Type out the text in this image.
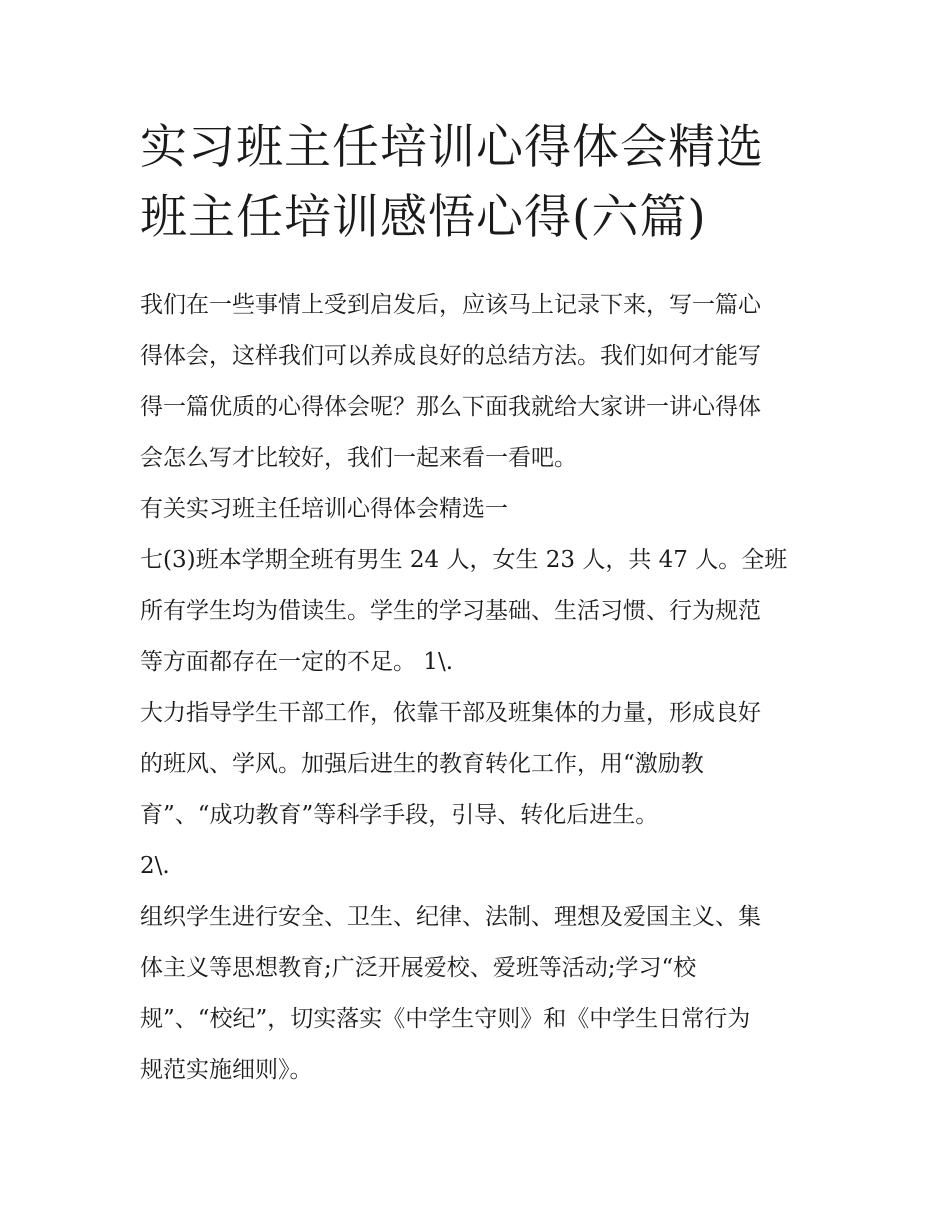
实习班主任培训心得体会精选
班主任培训感悟心得(六篇)

我们在一些事情上受到启发后，应该马上记录下来，写一篇心

得体会，这样我们可以养成良好的总结方法。我们如何才能写

得一篇优质的心得体会呢？那么下面我就给大家讲一讲心得体

会怎么写才比较好，我们一起来看一看吧。

有关实习班主任培训心得体会精选一

七(3)班本学期全班有男生 24 人，女生 23 人，共 47 人。全班

所有学生均为借读生。学生的学习基础、生活习惯、行为规范

等方面都存在一定的不足。 1\.

大力指导学生干部工作，依靠干部及班集体的力量，形成良好

的班风、学风。加强后进生的教育转化工作，用“激励教

育”、“成功教育”等科学手段，引导、转化后进生。

2\.

组织学生进行安全、卫生、纪律、法制、理想及爱国主义、集

体主义等思想教育;广泛开展爱校、爱班等活动;学习“校

规”、“校纪”，切实落实《中学生守则》和《中学生日常行为

规范实施细则》。
